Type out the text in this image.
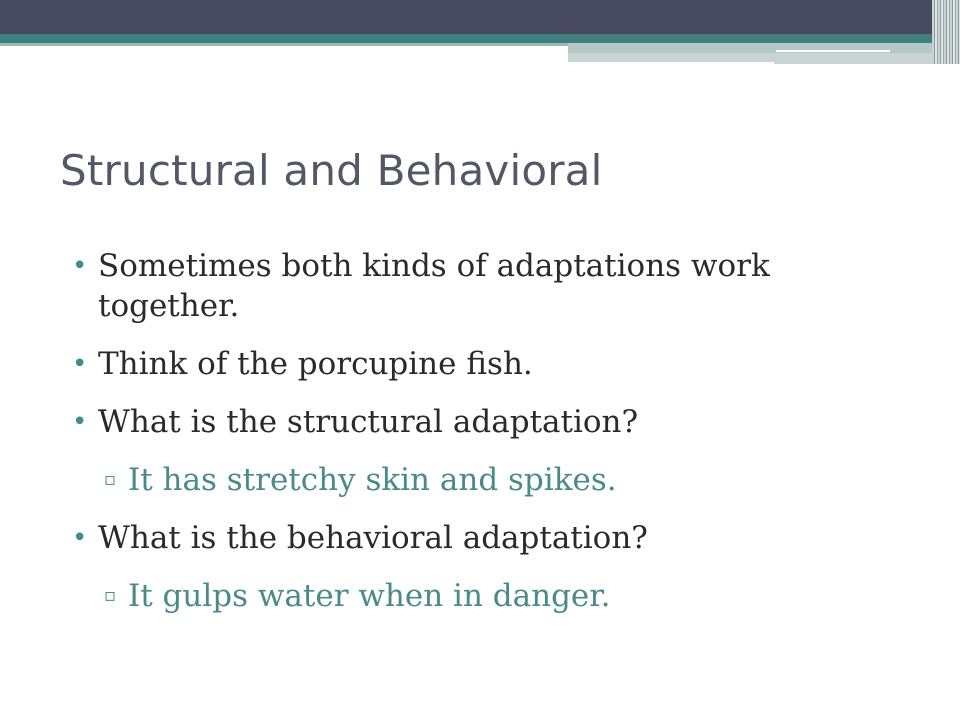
Structural and Behavioral
• Sometimes both kinds of adaptations work together.
• Think of the porcupine fish.
• What is the structural adaptation?
▫ It has stretchy skin and spikes.
• What is the behavioral adaptation?
▫ It gulps water when in danger.
